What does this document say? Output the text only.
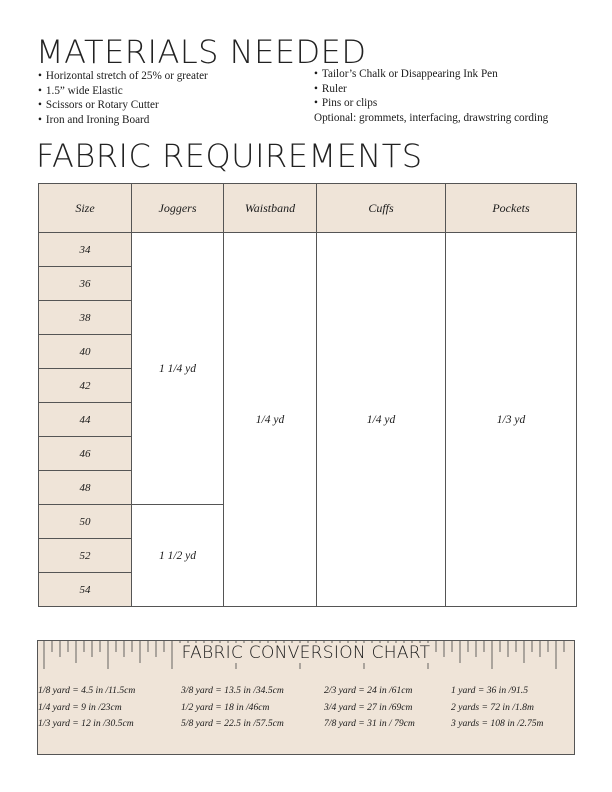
MATERIALS NEEDED
• Horizontal stretch of 25% or greater
• 1.5” wide Elastic
• Scissors or Rotary Cutter
• Iron and Ironing Board
• Tailor’s Chalk or Disappearing Ink Pen
• Ruler
• Pins or clips
Optional: grommets, interfacing, drawstring cording
FABRIC REQUIREMENTS
Size	Joggers	Waistband	Cuffs	Pockets
34	1 1/4 yd	1/4 yd	1/4 yd	1/3 yd
36				
38				
40				
42				
44				
46				
48				
50	1 1/2 yd			
52				
54				
FABRIC CONVERSION CHART
1/8 yard = 4.5 in /11.5cm
1/4 yard = 9 in /23cm
1/3 yard = 12 in /30.5cm
3/8 yard = 13.5 in /34.5cm
1/2 yard = 18 in /46cm
5/8 yard = 22.5 in /57.5cm
2/3 yard = 24 in /61cm
3/4 yard = 27 in /69cm
7/8 yard = 31 in / 79cm
1 yard = 36 in /91.5
2 yards = 72 in /1.8m
3 yards = 108 in /2.75m
